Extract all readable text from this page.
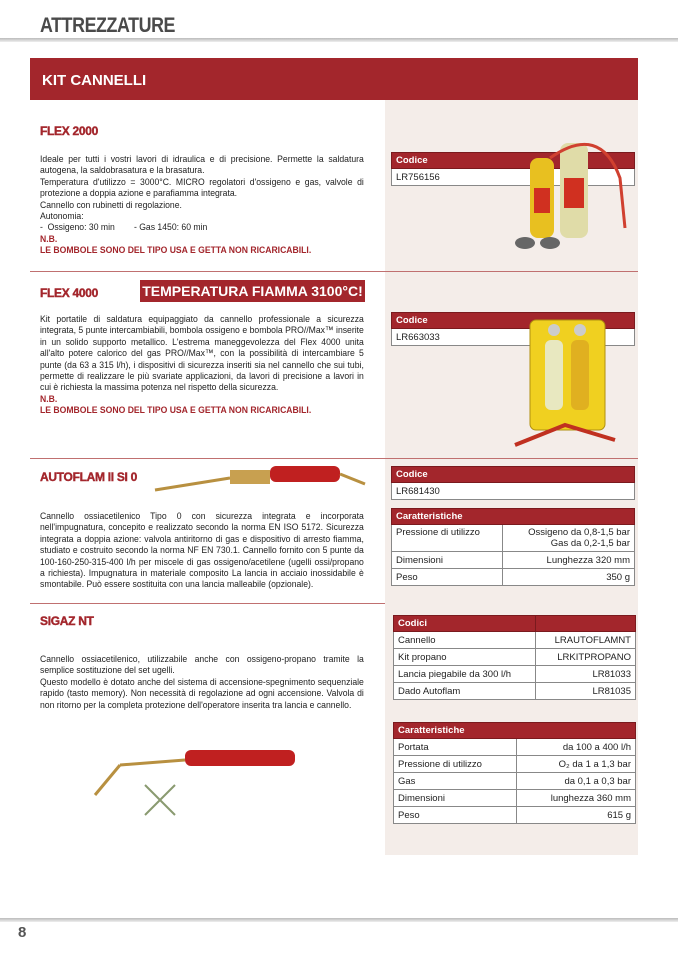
ATTREZZATURE
KIT CANNELLI
FLEX 2000

Ideale per tutti i vostri lavori di idraulica e di precisione. Permette la saldatura autogena, la saldobrasatura e la brasatura.

Temperatura d'utilizzo = 3000°C. MICRO regolatori d'ossigeno e gas, valvole di protezione a doppia azione e parafiamma integrata.

Cannello con rubinetti di regolazione.

Autonomia:

-  Ossigeno: 30 min        - Gas 1450: 60 min

N.B.

LE BOMBOLE SONO DEL TIPO USA E GETTA NON RICARICABILI.

Codice
LR756156
FLEX 4000	TEMPERATURA FIAMMA 3100°C!

Kit portatile di saldatura equipaggiato da cannello professionale a sicurezza integrata, 5 punte intercambiabili, bombola ossigeno e bombola PRO//Max™ inserite in un solido supporto metallico. L'estrema maneggevolezza del Flex 4000 unita all'alto potere calorico del gas PRO//Max™, con la possibilità di intercambiare 5 punte (da 63 a 315 l/h), i dispositivi di sicurezza inseriti sia nel cannello che sui tubi, permette di realizzare le più svariate applicazioni, da lavori di precisione a lavori in cui è richiesta la massima potenza nel rispetto della sicurezza.

N.B.

LE BOMBOLE SONO DEL TIPO USA E GETTA NON RICARICABILI.

Codice
LR663033
AUTOFLAM II SI 0

Cannello ossiacetilenico Tipo 0 con sicurezza integrata e incorporata nell'impugnatura, concepito e realizzato secondo la norma EN ISO 5172. Sicurezza integrata a doppia azione: valvola antiritorno di gas e dispositivo di arresto fiamma, studiato e costruito secondo la norma NF EN 730.1. Cannello fornito con 5 punte da 100-160-250-315-400 l/h per miscele di gas ossigeno/acetilene (ugelli ossi/propano a richiesta). Impugnatura in materiale composito La lancia in acciaio inossidabile è smontabile. Può essere sostituita con una lancia malleabile (opzionale).

Codice
LR681430
Caratteristiche	
Pressione di utilizzo	Ossigeno da 0,8-1,5 bar
Gas da 0,2-1,5 bar
Dimensioni	Lunghezza 320 mm
Peso	350 g
SIGAZ NT

Cannello ossiacetilenico, utilizzabile anche con ossigeno-propano tramite la semplice sostituzione del set ugelli.

Questo modello è dotato anche del sistema di accensione-spegnimento sequenziale rapido (tasto memory). Non necessità di regolazione ad ogni accensione. Valvola di non ritorno per la completa protezione dell'operatore inserita tra lancia e cannello.

Codici	
Cannello	LRAUTOFLAMNT
Kit propano	LRKITPROPANO
Lancia piegabile da 300 l/h	LR81033
Dado Autoflam	LR81035
Caratteristiche	
Portata	da 100 a 400 l/h
Pressione di utilizzo	O₂ da 1 a 1,3 bar
Gas	da 0,1 a 0,3 bar
Dimensioni	lunghezza 360 mm
Peso	615 g
8
